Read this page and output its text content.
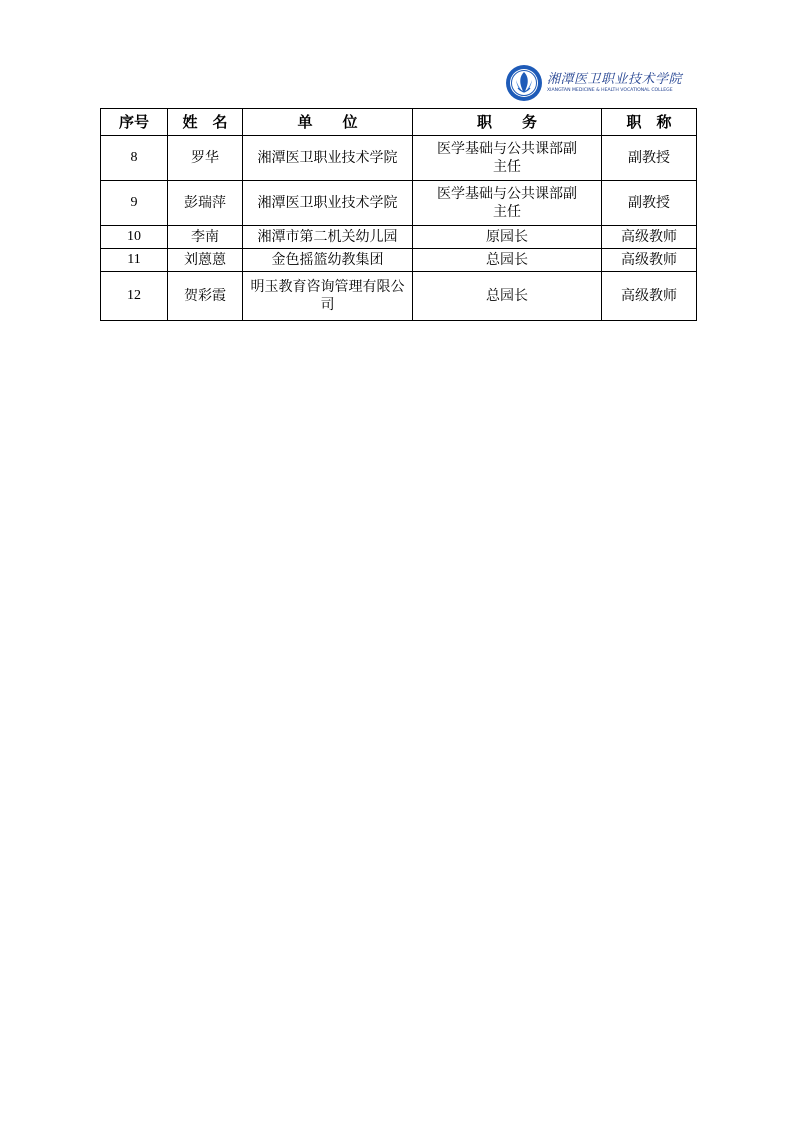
湘潭医卫职业技术学院
XIANGTAN MEDICINE & HEALTH VOCATIONAL COLLEGE
序号	姓　名	单　　位	职　　务	职　称
8	罗华	湘潭医卫职业技术学院	医学基础与公共课部副主任	副教授
9	彭瑞萍	湘潭医卫职业技术学院	医学基础与公共课部副主任	副教授
10	李南	湘潭市第二机关幼儿园	原园长	高级教师
11	刘蒽蒽	金色摇篮幼教集团	总园长	高级教师
12	贺彩霞	明玉教育咨询管理有限公司	总园长	高级教师
